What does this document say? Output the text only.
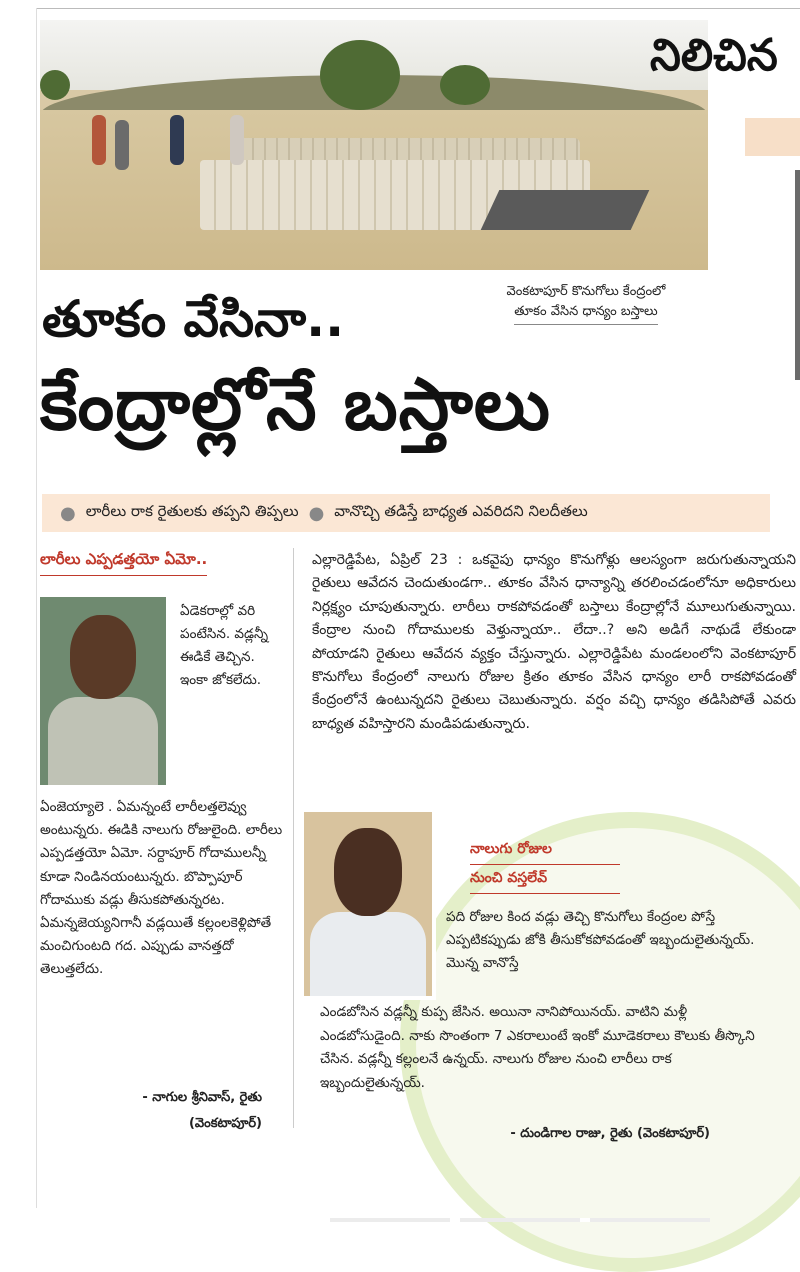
నిలిచిన
వెంకటాపూర్‌ కొనుగోలు కేంద్రంలో
తూకం వేసిన ధాన్యం బస్తాలు
తూకం వేసినా..
కేంద్రాల్లోనే బస్తాలు
● లారీలు రాక రైతులకు తప్పని తిప్పలు ● వానొచ్చి తడిస్తే బాధ్యత ఎవరిదని నిలదీతలు
లారీలు ఎప్పడత్తయో ఏమో..
ఏడెకరాల్లో వరి పంటేసిన. వడ్లన్నీ ఈడికే తెచ్చిన. ఇంకా జోకలేదు.
ఏంజెయ్యాలె . ఏమన్నంటే లారీలత్తలెవ్వు అంటున్నరు. ఈడికి నాలుగు రోజులైంది. లారీలు ఎప్పడత్తయో ఏమో. సర్దాపూర్‌ గోదాములన్నీ కూడా నిండినయంటున్నరు. బొప్పాపూర్‌ గోదాముకు వడ్లు తీసుకపోతున్నరట. ఏమన్నజెయ్యనిగానీ వడ్లయితే కల్లంలకెళ్లిపోతే మంచిగుంటది గద. ఎప్పుడు వానత్తదో తెలుత్తలేదు.
- నాగుల శ్రీనివాస్‌, రైతు
(వెంకటాపూర్‌)
ఎల్లారెడ్డిపేట, ఏప్రిల్‌ 23 : ఒకవైపు ధాన్యం కొనుగోళ్లు ఆలస్యంగా జరుగుతున్నాయని రైతులు ఆవేదన చెందుతుండగా.. తూకం వేసిన ధాన్యాన్ని తరలించడంలోనూ అధికారులు నిర్లక్ష్యం చూపుతున్నారు. లారీలు రాకపోవడంతో బస్తాలు కేంద్రాల్లోనే మూలుగుతున్నాయి. కేంద్రాల నుంచి గోదాములకు వెళ్తున్నాయా.. లేదా..? అని అడిగే నాథుడే లేకుండా పోయాడని రైతులు ఆవేదన వ్యక్తం చేస్తున్నారు. ఎల్లారెడ్డిపేట మండలంలోని వెంకటాపూర్‌ కొనుగోలు కేంద్రంలో నాలుగు రోజుల క్రితం తూకం వేసిన ధాన్యం లారీ రాకపోవడంతో కేంద్రంలోనే ఉంటున్నదని రైతులు చెబుతున్నారు. వర్షం వచ్చి ధాన్యం తడిసిపోతే ఎవరు బాధ్యత వహిస్తారని మండిపడుతున్నారు.
నాలుగు రోజుల
నుంచి వస్తలేవ్‌
పది రోజుల కింద వడ్లు తెచ్చి కొనుగోలు కేంద్రంల పోస్తే ఎప్పటికప్పుడు జోకి తీసుకోకపోవడంతో ఇబ్బందులైతున్నయ్‌. మొన్న వానొస్తే
ఎండబోసిన వడ్లన్నీ కుప్ప జేసిన. అయినా నానిపోయినయ్‌. వాటిని మళ్లీ ఎండబోసుడైంది. నాకు సొంతంగా 7 ఎకరాలుంటే ఇంకో మూడెకరాలు కౌలుకు తీస్కొని చేసిన. వడ్లన్నీ కల్లంలనే ఉన్నయ్‌. నాలుగు రోజుల నుంచి లారీలు రాక ఇబ్బందులైతున్నయ్‌.
- దుండిగాల రాజు, రైతు (వెంకటాపూర్‌)
